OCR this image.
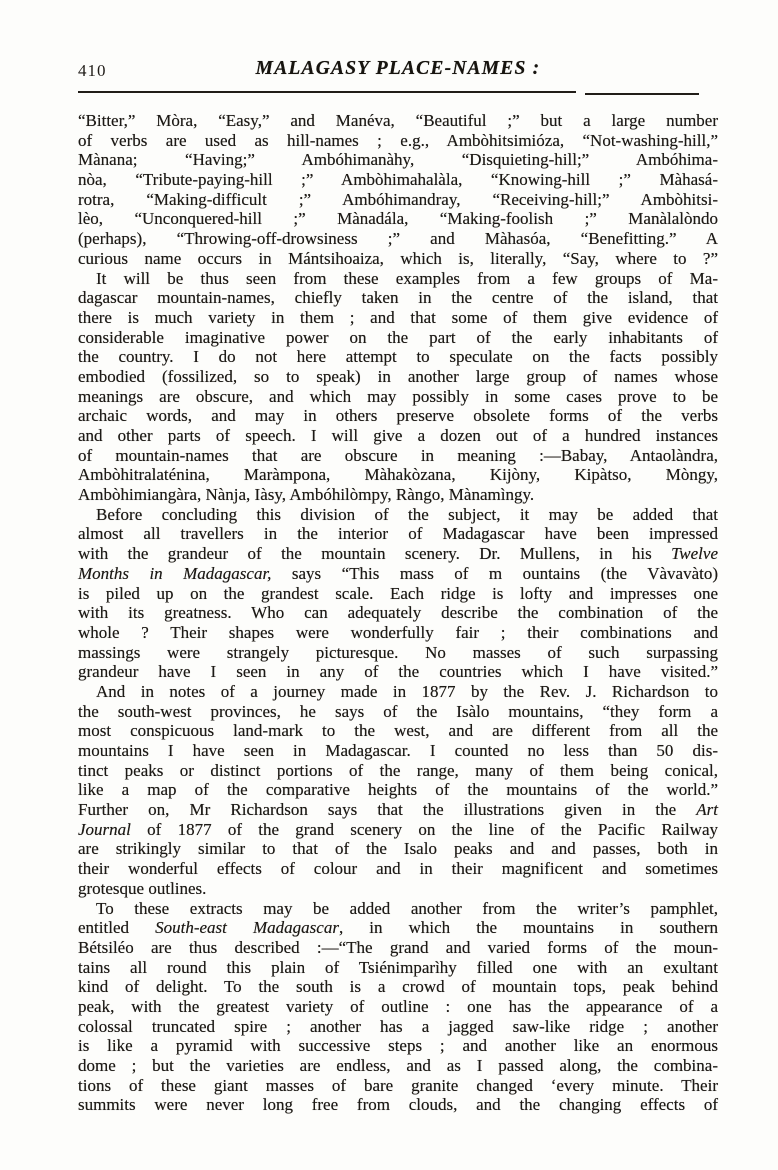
410	MALAGASY PLACE-NAMES :
“Bitter,” Mòra, “Easy,” and Manéva, “Beautiful ;” but a large number
of verbs are used as hill-names ; e.g., Ambòhitsimióza, “Not-washing-hill,”
Mànana; “Having;” Ambóhimanàhy, “Disquieting-hill;” Ambóhima-
nòa, “Tribute-paying-hill ;” Ambòhimahalàla, “Knowing-hill ;” Màhasá-
rotra, “Making-difficult ;” Ambóhimandray, “Receiving-hill;” Ambòhitsi-
lèo, “Unconquered-hill ;” Mànadála, “Making-foolish ;” Manàlalòndo
(perhaps), “Throwing-off-drowsiness ;” and Màhasóa, “Benefitting.” A
curious name occurs in Mántsihoaiza, which is, literally, “Say, where to ?”
It will be thus seen from these examples from a few groups of Ma-
dagascar mountain-names, chiefly taken in the centre of the island, that
there is much variety in them ; and that some of them give evidence of
considerable imaginative power on the part of the early inhabitants of
the country. I do not here attempt to speculate on the facts possibly
embodied (fossilized, so to speak) in another large group of names whose
meanings are obscure, and which may possibly in some cases prove to be
archaic words, and may in others preserve obsolete forms of the verbs
and other parts of speech. I will give a dozen out of a hundred instances
of mountain-names that are obscure in meaning :—Babay, Antaolàndra,
Ambòhitralaténina, Maràmpona, Màhakòzana, Kijòny, Kipàtso, Mòngy,
Ambòhimiangàra, Nànja, Iàsy, Ambóhilòmpy, Ràngo, Mànamìngy.
Before concluding this division of the subject, it may be added that
almost all travellers in the interior of Madagascar have been impressed
with the grandeur of the mountain scenery. Dr. Mullens, in his Twelve
Months in Madagascar, says “This mass of m ountains (the Vàvavàto)
is piled up on the grandest scale. Each ridge is lofty and impresses one
with its greatness. Who can adequately describe the combination of the
whole ? Their shapes were wonderfully fair ; their combinations and
massings were strangely picturesque. No masses of such surpassing
grandeur have I seen in any of the countries which I have visited.”
And in notes of a journey made in 1877 by the Rev. J. Richardson to
the south-west provinces, he says of the Isàlo mountains, “they form a
most conspicuous land-mark to the west, and are different from all the
mountains I have seen in Madagascar. I counted no less than 50 dis-
tinct peaks or distinct portions of the range, many of them being conical,
like a map of the comparative heights of the mountains of the world.”
Further on, Mr Richardson says that the illustrations given in the Art
Journal of 1877 of the grand scenery on the line of the Pacific Railway
are strikingly similar to that of the Isalo peaks and and passes, both in
their wonderful effects of colour and in their magnificent and sometimes
grotesque outlines.
To these extracts may be added another from the writer’s pamphlet,
entitled South-east Madagascar, in which the mountains in southern
Bétsiléo are thus described :—“The grand and varied forms of the moun-
tains all round this plain of Tsiénimparìhy filled one with an exultant
kind of delight. To the south is a crowd of mountain tops, peak behind
peak, with the greatest variety of outline : one has the appearance of a
colossal truncated spire ; another has a jagged saw-like ridge ; another
is like a pyramid with successive steps ; and another like an enormous
dome ; but the varieties are endless, and as I passed along, the combina-
tions of these giant masses of bare granite changed ‘every minute. Their
summits were never long free from clouds, and the changing effects of
